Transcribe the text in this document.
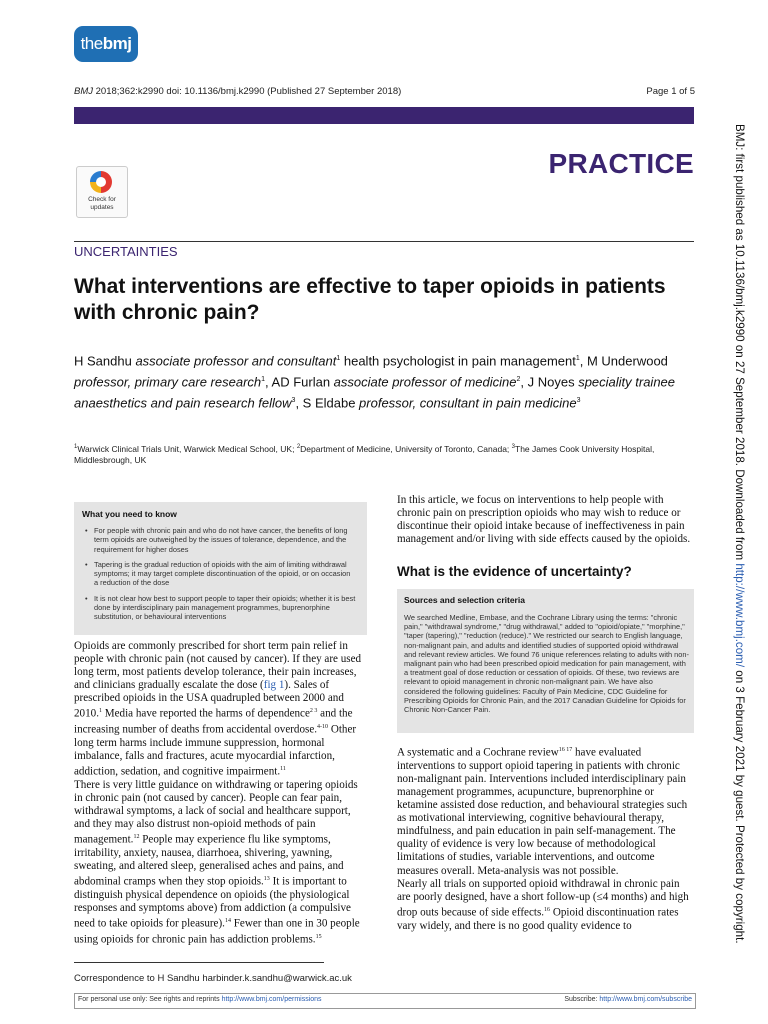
thebmj
BMJ 2018;362:k2990 doi: 10.1136/bmj.k2990 (Published 27 September 2018)	Page 1 of 5
PRACTICE
Check for
updates
UNCERTAINTIES
What interventions are effective to taper opioids in patients with chronic pain?
H Sandhu associate professor and consultant$^1$ health psychologist in pain management$^1$, M Underwood professor, primary care research$^1$, AD Furlan associate professor of medicine$^2$, J Noyes speciality trainee anaesthetics and pain research fellow$^3$, S Eldabe professor, consultant in pain medicine$^3$
$^1$Warwick Clinical Trials Unit, Warwick Medical School, UK; $^2$Department of Medicine, University of Toronto, Canada; $^3$The James Cook University Hospital, Middlesbrough, UK
What you need to know
• For people with chronic pain and who do not have cancer, the benefits of long term opioids are outweighed by the issues of tolerance, dependence, and the requirement for higher doses
• Tapering is the gradual reduction of opioids with the aim of limiting withdrawal symptoms; it may target complete discontinuation of the opioid, or on occasion a reduction of the dose
• It is not clear how best to support people to taper their opioids; whether it is best done by interdisciplinary pain management programmes, buprenorphine substitution, or behavioural interventions

Opioids are commonly prescribed for short term pain relief in people with chronic pain (not caused by cancer). If they are used long term, most patients develop tolerance, their pain increases, and clinicians gradually escalate the dose (fig 1). Sales of prescribed opioids in the USA quadrupled between 2000 and 2010.$^1$ Media have reported the harms of dependence$^{2 3}$ and the increasing number of deaths from accidental overdose.$^{4-10}$ Other long term harms include immune suppression, hormonal imbalance, falls and fractures, acute myocardial infarction, addiction, sedation, and cognitive impairment.$^{11}$

There is very little guidance on withdrawing or tapering opioids in chronic pain (not caused by cancer). People can fear pain, withdrawal symptoms, a lack of social and healthcare support, and they may also distrust non-opioid methods of pain management.$^{12}$ People may experience flu like symptoms, irritability, anxiety, nausea, diarrhoea, shivering, yawning, sweating, and altered sleep, generalised aches and pains, and abdominal cramps when they stop opioids.$^{13}$ It is important to distinguish physical dependence on opioids (the physiological responses and symptoms above) from addiction (a compulsive need to take opioids for pleasure).$^{14}$ Fewer than one in 30 people using opioids for chronic pain has addiction problems.$^{15}$

In this article, we focus on interventions to help people with chronic pain on prescription opioids who may wish to reduce or discontinue their opioid intake because of ineffectiveness in pain management and/or living with side effects caused by the opioids.
What is the evidence of uncertainty?
Sources and selection criteria

We searched Medline, Embase, and the Cochrane Library using the terms: "chronic pain," "withdrawal syndrome," "drug withdrawal," added to "opioid/opiate," "morphine," "taper (tapering)," "reduction (reduce)." We restricted our search to English language, non-malignant pain, and adults and identified studies of supported opioid withdrawal and relevant review articles. We found 76 unique references relating to adults with non-malignant pain who had been prescribed opioid medication for pain management, with a treatment goal of dose reduction or cessation of opioids. Of these, two reviews are relevant to opioid management in chronic non-malignant pain. We have also considered the following guidelines: Faculty of Pain Medicine, CDC Guideline for Prescribing Opioids for Chronic Pain, and the 2017 Canadian Guideline for Opioids for Chronic Non-Cancer Pain.

A systematic and a Cochrane review$^{16 17}$ have evaluated interventions to support opioid tapering in patients with chronic non-malignant pain. Interventions included interdisciplinary pain management programmes, acupuncture, buprenorphine or ketamine assisted dose reduction, and behavioural strategies such as motivational interviewing, cognitive behavioural therapy, mindfulness, and pain education in pain self-management. The quality of evidence is very low because of methodological limitations of studies, variable interventions, and outcome measures overall. Meta-analysis was not possible.

Nearly all trials on supported opioid withdrawal in chronic pain are poorly designed, have a short follow-up (≤4 months) and high drop outs because of side effects.$^{16}$ Opioid discontinuation rates vary widely, and there is no good quality evidence to

Correspondence to H Sandhu harbinder.k.sandhu@warwick.ac.uk
For personal use only: See rights and reprints http://www.bmj.com/permissions	Subscribe: http://www.bmj.com/subscribe
BMJ: first published as 10.1136/bmj.k2990 on 27 September 2018. Downloaded from http://www.bmj.com/ on 3 February 2021 by guest. Protected by copyright.
